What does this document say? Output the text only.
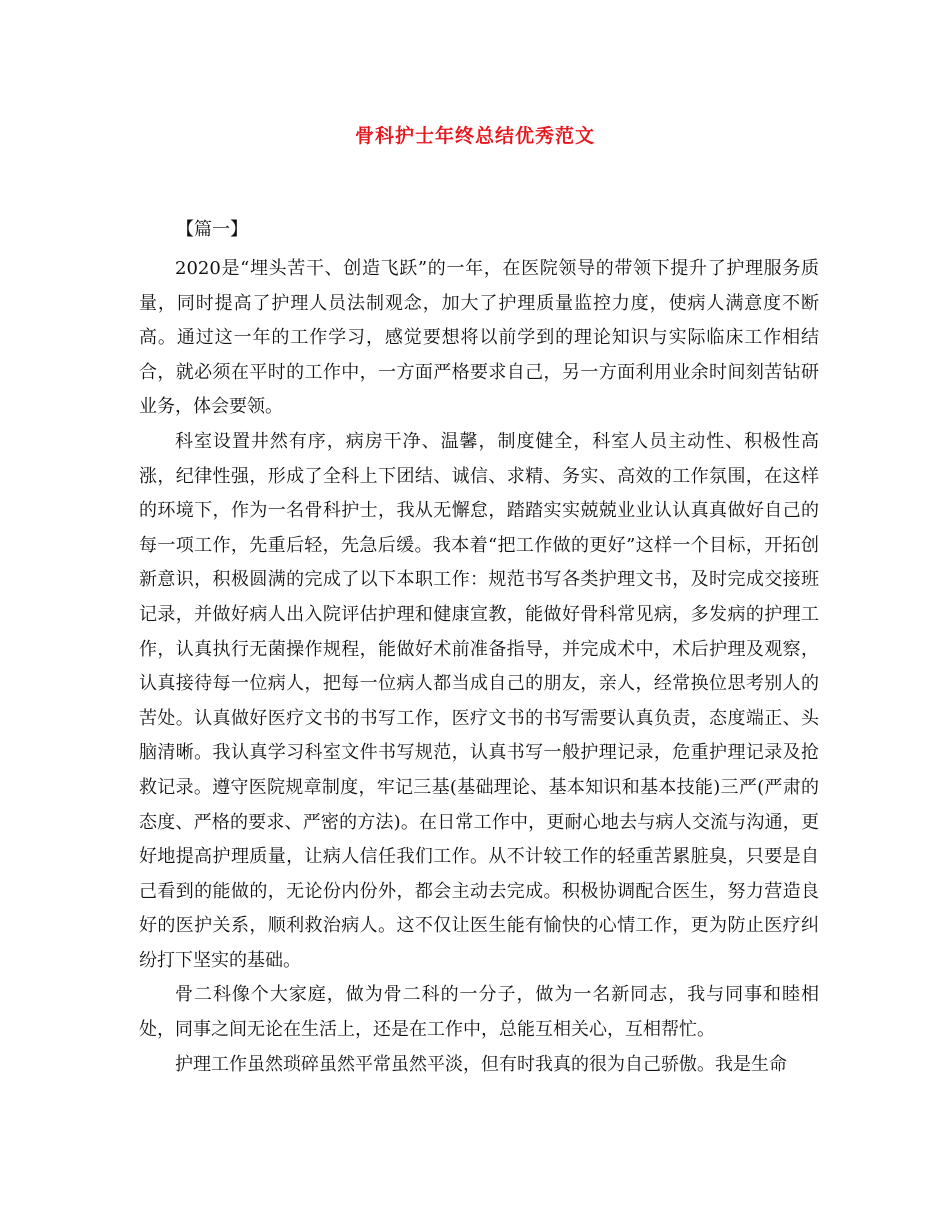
骨科护士年终总结优秀范文
【篇一】

2020是“埋头苦干、创造飞跃”的一年，在医院领导的带领下提升了护理服务质量，同时提高了护理人员法制观念，加大了护理质量监控力度，使病人满意度不断高。通过这一年的工作学习，感觉要想将以前学到的理论知识与实际临床工作相结合，就必须在平时的工作中，一方面严格要求自己，另一方面利用业余时间刻苦钻研业务，体会要领。

科室设置井然有序，病房干净、温馨，制度健全，科室人员主动性、积极性高涨，纪律性强，形成了全科上下团结、诚信、求精、务实、高效的工作氛围，在这样的环境下，作为一名骨科护士，我从无懈怠，踏踏实实兢兢业业认认真真做好自己的每一项工作，先重后轻，先急后缓。我本着“把工作做的更好”这样一个目标，开拓创新意识，积极圆满的完成了以下本职工作：规范书写各类护理文书，及时完成交接班记录，并做好病人出入院评估护理和健康宣教，能做好骨科常见病，多发病的护理工作，认真执行无菌操作规程，能做好术前准备指导，并完成术中，术后护理及观察，认真接待每一位病人，把每一位病人都当成自己的朋友，亲人，经常换位思考别人的苦处。认真做好医疗文书的书写工作，医疗文书的书写需要认真负责，态度端正、头脑清晰。我认真学习科室文件书写规范，认真书写一般护理记录，危重护理记录及抢救记录。遵守医院规章制度，牢记三基(基础理论、基本知识和基本技能)三严(严肃的态度、严格的要求、严密的方法)。在日常工作中，更耐心地去与病人交流与沟通，更好地提高护理质量，让病人信任我们工作。从不计较工作的轻重苦累脏臭，只要是自己看到的能做的，无论份内份外，都会主动去完成。积极协调配合医生，努力营造良好的医护关系，顺利救治病人。这不仅让医生能有愉快的心情工作，更为防止医疗纠纷打下坚实的基础。

骨二科像个大家庭，做为骨二科的一分子，做为一名新同志，我与同事和睦相处，同事之间无论在生活上，还是在工作中，总能互相关心，互相帮忙。

护理工作虽然琐碎虽然平常虽然平淡，但有时我真的很为自己骄傲。我是生命
